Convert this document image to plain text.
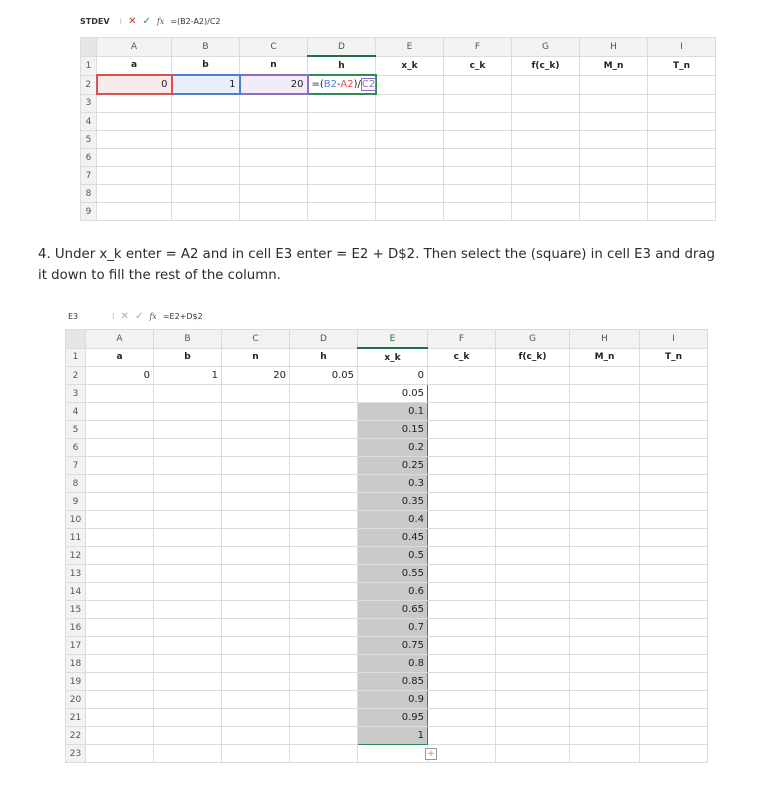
STDEV ⁝ ✕ ✓ fx =(B2-A2)/C2
	A	B	C	D	E	F	G	H	I
1	a	b	n	h	x_k	c_k	f(c_k)	M_n	T_n
2	0	1	20	=(B2-A2)/C2					
3									
4									
5									
6									
7									
8									
9									
4. Under x_k enter = A2 and in cell E3 enter = E2 + D$2. Then select the (square) in cell E3 and drag it down to fill the rest of the column.
E3	⁝ ✕ ✓ fx =E2+D$2
	A	B	C	D	E	F	G	H	I
1	a	b	n	h	x_k	c_k	f(c_k)	M_n	T_n
2	0	1	20	0.05	0				
3					0.05				
4					0.1				
5					0.15				
6					0.2				
7					0.25				
8					0.3				
9					0.35				
10					0.4				
11					0.45				
12					0.5				
13					0.55				
14					0.6				
15					0.65				
16					0.7				
17					0.75				
18					0.8				
19					0.85				
20					0.9				
21					0.95				
22					1				
23						+			
